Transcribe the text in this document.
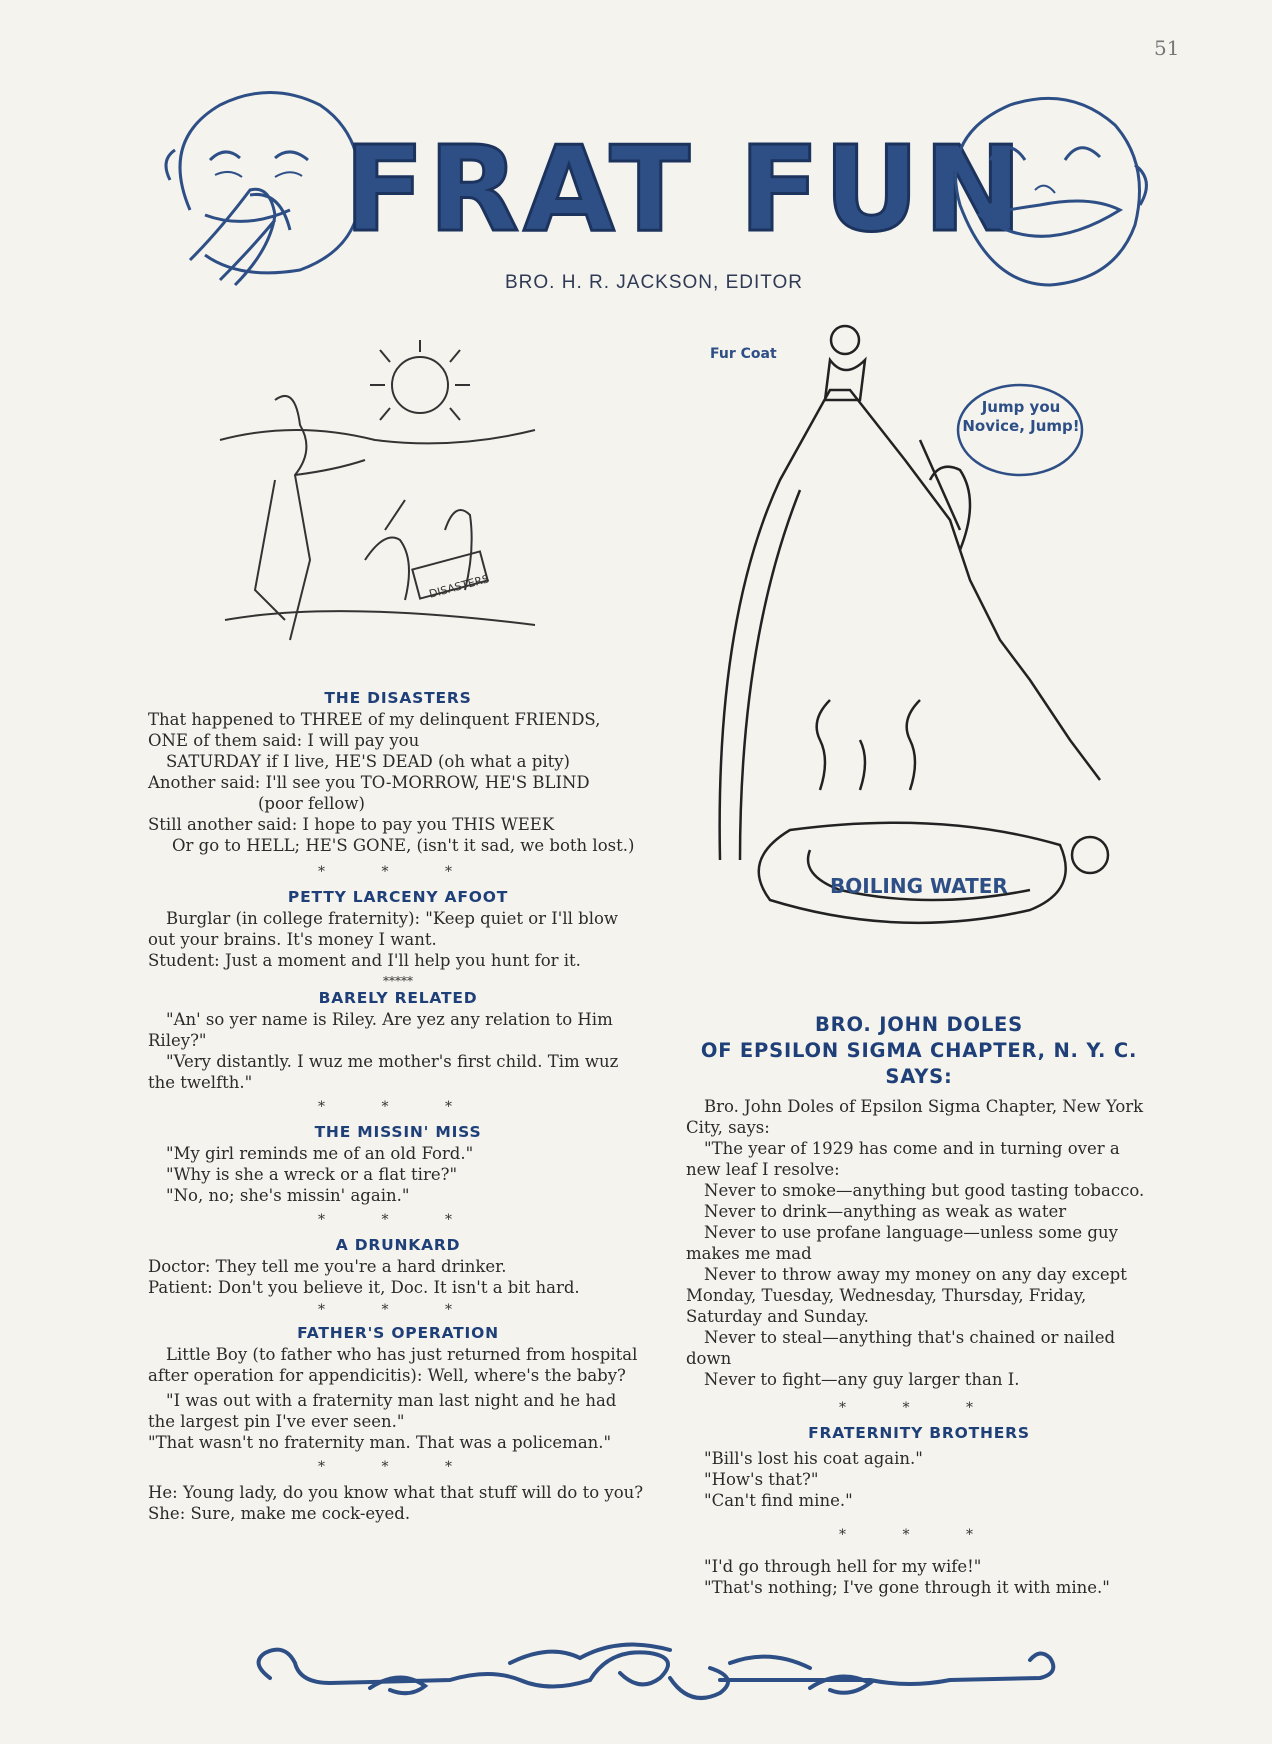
51
FRAT FUN
BRO. H. R. JACKSON, EDITOR
DISASTERS
Fur Coat
Jump you Novice, Jump!
BOILING WATER

THE DISASTERS

That happened to THREE of my delinquent FRIENDS,

ONE of them said: I will pay you

SATURDAY if I live, HE'S DEAD (oh what a pity)

Another said: I'll see you TO-MORROW, HE'S BLIND

(poor fellow)

Still another said: I hope to pay you THIS WEEK

Or go to HELL; HE'S GONE, (isn't it sad, we both lost.)

* * *

PETTY LARCENY AFOOT

Burglar (in college fraternity): "Keep quiet or I'll blow out your brains. It's money I want.

Student: Just a moment and I'll help you hunt for it.

*****

BARELY RELATED

"An' so yer name is Riley. Are yez any relation to Him Riley?"

"Very distantly. I wuz me mother's first child. Tim wuz the twelfth."

* * *

THE MISSIN' MISS

"My girl reminds me of an old Ford."

"Why is she a wreck or a flat tire?"

"No, no; she's missin' again."

* * *

A DRUNKARD

Doctor: They tell me you're a hard drinker.

Patient: Don't you believe it, Doc. It isn't a bit hard.

* * *

FATHER'S OPERATION

Little Boy (to father who has just returned from hospital after operation for appendicitis): Well, where's the baby?

"I was out with a fraternity man last night and he had the largest pin I've ever seen."

"That wasn't no fraternity man. That was a policeman."

* * *

He: Young lady, do you know what that stuff will do to you?

She: Sure, make me cock-eyed.

BRO. JOHN DOLES
OF EPSILON SIGMA CHAPTER, N. Y. C.
SAYS:

Bro. John Doles of Epsilon Sigma Chapter, New York City, says:

"The year of 1929 has come and in turning over a new leaf I resolve:

Never to smoke—anything but good tasting tobacco.

Never to drink—anything as weak as water

Never to use profane language—unless some guy makes me mad

Never to throw away my money on any day except Monday, Tuesday, Wednesday, Thursday, Friday, Saturday and Sunday.

Never to steal—anything that's chained or nailed down

Never to fight—any guy larger than I.

* * *

FRATERNITY BROTHERS

"Bill's lost his coat again."

"How's that?"

"Can't find mine."

* * *

"I'd go through hell for my wife!"

"That's nothing; I've gone through it with mine."
